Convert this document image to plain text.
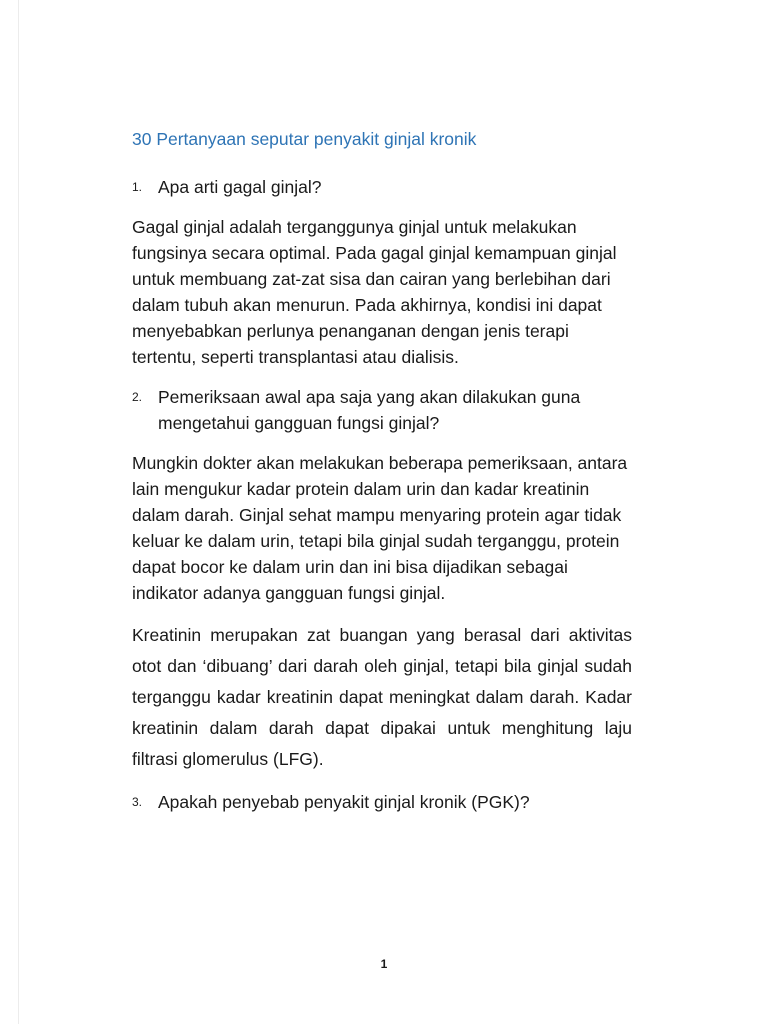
30 Pertanyaan seputar penyakit ginjal kronik
1. Apa arti gagal ginjal?

Gagal ginjal adalah terganggunya ginjal untuk melakukan fungsinya secara optimal. Pada gagal ginjal kemampuan ginjal untuk membuang zat-zat sisa dan cairan yang berlebihan dari dalam tubuh akan menurun. Pada akhirnya, kondisi ini dapat menyebabkan perlunya penanganan dengan jenis terapi tertentu, seperti transplantasi atau dialisis.

2. Pemeriksaan awal apa saja yang akan dilakukan guna mengetahui gangguan fungsi ginjal?

Mungkin dokter akan melakukan beberapa pemeriksaan, antara lain mengukur kadar protein dalam urin dan kadar kreatinin dalam darah. Ginjal sehat mampu menyaring protein agar tidak keluar ke dalam urin, tetapi bila ginjal sudah terganggu, protein dapat bocor ke dalam urin dan ini bisa dijadikan sebagai indikator adanya gangguan fungsi ginjal.

Kreatinin merupakan zat buangan yang berasal dari aktivitas otot dan ‘dibuang’ dari darah oleh ginjal, tetapi bila ginjal sudah terganggu kadar kreatinin dapat meningkat dalam darah. Kadar kreatinin dalam darah dapat dipakai untuk menghitung laju filtrasi glomerulus (LFG).

3. Apakah penyebab penyakit ginjal kronik (PGK)?
1
